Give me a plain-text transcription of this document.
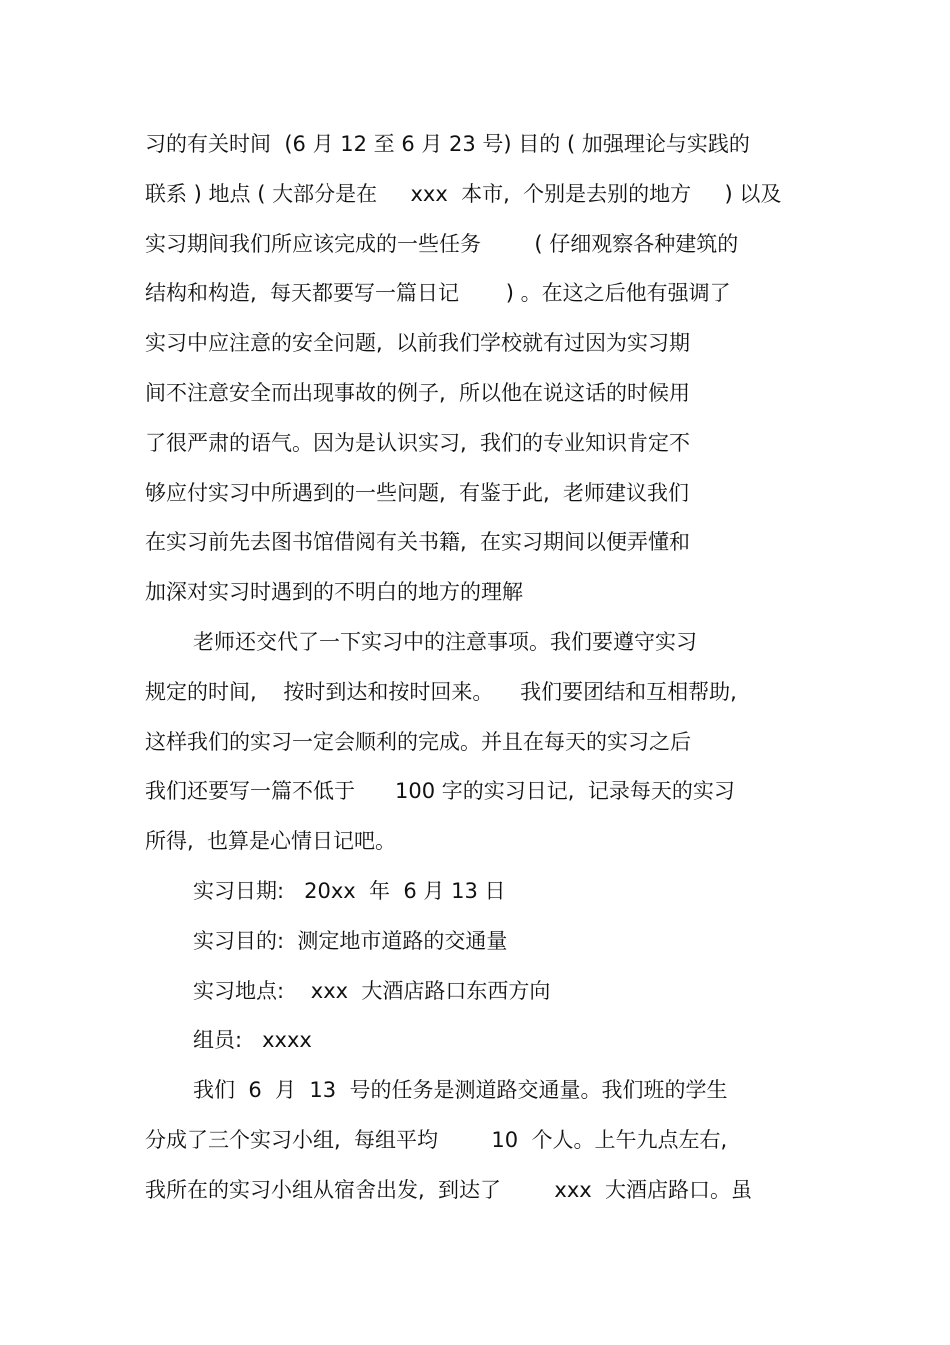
习的有关时间  (6 月 12 至 6 月 23 号) 目的 ( 加强理论与实践的
联系 ) 地点 ( 大部分是在     xxx  本市,  个别是去别的地方     ) 以及
实习期间我们所应该完成的一些任务        ( 仔细观察各种建筑的
结构和构造,  每天都要写一篇日记       ) 。在这之后他有强调了
实习中应注意的安全问题,  以前我们学校就有过因为实习期
间不注意安全而出现事故的例子,  所以他在说这话的时候用
了很严肃的语气。因为是认识实习,  我们的专业知识肯定不
够应付实习中所遇到的一些问题,  有鉴于此,  老师建议我们
在实习前先去图书馆借阅有关书籍,  在实习期间以便弄懂和
加深对实习时遇到的不明白的地方的理解
老师还交代了一下实习中的注意事项。我们要遵守实习
规定的时间,    按时到达和按时回来。    我们要团结和互相帮助,
这样我们的实习一定会顺利的完成。并且在每天的实习之后
我们还要写一篇不低于      100 字的实习日记,  记录每天的实习
所得,  也算是心情日记吧。
实习日期:   20xx  年  6 月 13 日
实习目的:  测定地市道路的交通量
实习地点:    xxx  大酒店路口东西方向
组员:   xxxx
我们  6  月  13  号的任务是测道路交通量。我们班的学生
分成了三个实习小组,  每组平均        10  个人。上午九点左右,
我所在的实习小组从宿舍出发,  到达了        xxx  大酒店路口。虽
